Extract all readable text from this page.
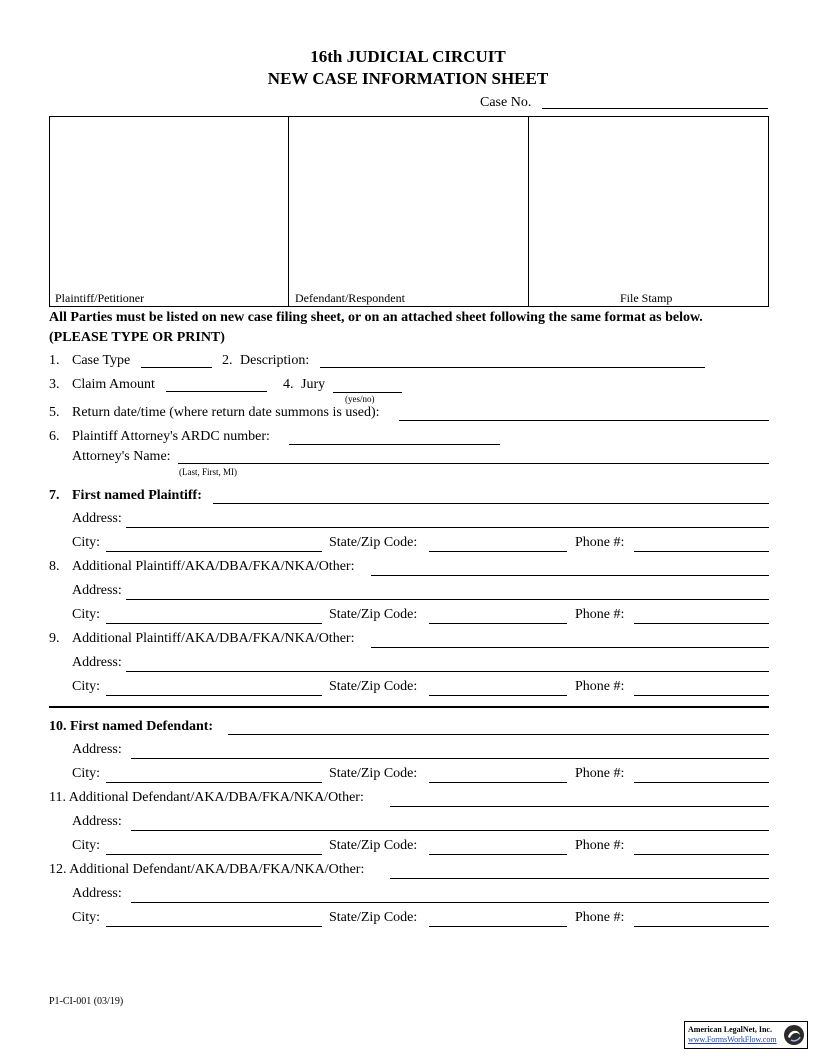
16th JUDICIAL CIRCUIT
NEW CASE INFORMATION SHEET
Case No.
Plaintiff/Petitioner	Defendant/Respondent	File Stamp
All Parties must be listed on new case filing sheet, or on an attached sheet following the same format as below.
(PLEASE TYPE OR PRINT)
1. Case Type	2. Description:
3. Claim Amount	4. Jury
(yes/no)
5. Return date/time (where return date summons is used):
6. Plaintiff Attorney's ARDC number:
Attorney's Name:
(Last, First, MI)
7. First named Plaintiff:
Address:
City:	State/Zip Code:	Phone #:
8. Additional Plaintiff/AKA/DBA/FKA/NKA/Other:
Address:
City:	State/Zip Code:	Phone #:
9. Additional Plaintiff/AKA/DBA/FKA/NKA/Other:
Address:
City:	State/Zip Code:	Phone #:
10. First named Defendant:
Address:
City:	State/Zip Code:	Phone #:
11. Additional Defendant/AKA/DBA/FKA/NKA/Other:
Address:
City:	State/Zip Code:	Phone #:
12. Additional Defendant/AKA/DBA/FKA/NKA/Other:
Address:
City:	State/Zip Code:	Phone #:
P1-CI-001 (03/19)
American LegalNet, Inc.
www.FormsWorkFlow.com
